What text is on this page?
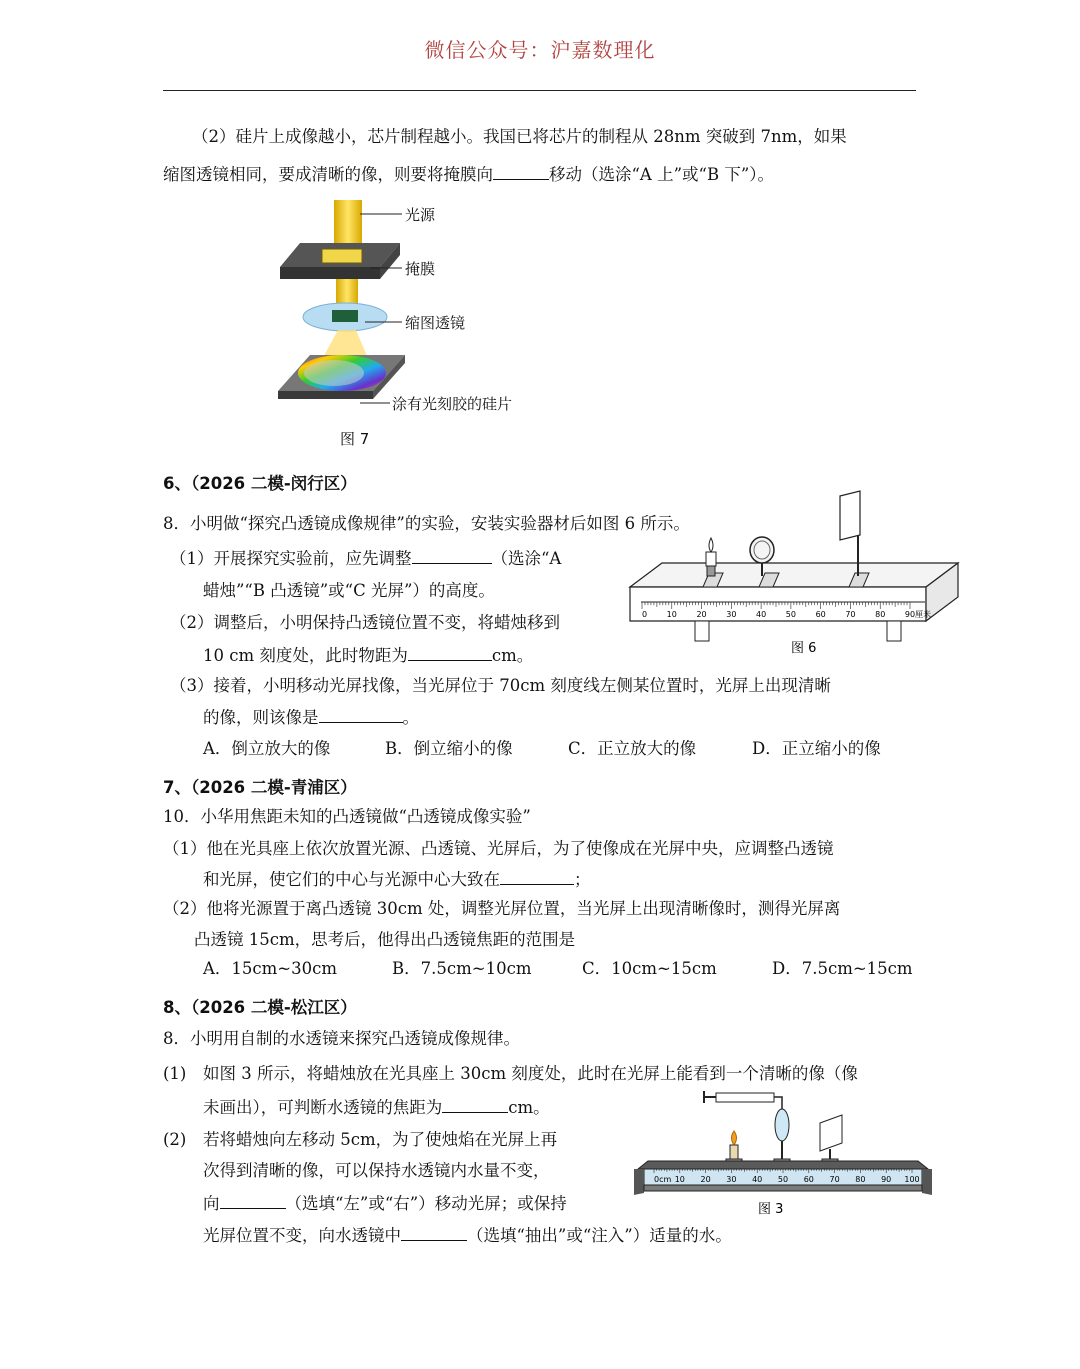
微信公众号：沪嘉数理化
（2）硅片上成像越小，芯片制程越小。我国已将芯片的制程从 28nm 突破到 7nm，如果
缩图透镜相同，要成清晰的像，则要将掩膜向	移动（选涂“A 上”或“B 下”）。
光源
掩膜
缩图透镜
涂有光刻胶的硅片
图 7
6、（2026 二模-闵行区）
8．小明做“探究凸透镜成像规律”的实验，安装实验器材后如图 6 所示。
（1）开展探究实验前，应先调整	（选涂“A
蜡烛”“B 凸透镜”或“C 光屏”）的高度。
（2）调整后，小明保持凸透镜位置不变，将蜡烛移到
10 cm 刻度处，此时物距为	cm。
0 10 20 30 40 50 60 70 80 90 厘米
图 6
（3）接着，小明移动光屏找像，当光屏位于 70cm 刻度线左侧某位置时，光屏上出现清晰
的像，则该像是	。
A．倒立放大的像	B．倒立缩小的像	C．正立放大的像	D．正立缩小的像
7、（2026 二模-青浦区）
10．小华用焦距未知的凸透镜做“凸透镜成像实验”
（1）他在光具座上依次放置光源、凸透镜、光屏后，为了使像成在光屏中央，应调整凸透镜
和光屏，使它们的中心与光源中心大致在	；
（2）他将光源置于离凸透镜 30cm 处，调整光屏位置，当光屏上出现清晰像时，测得光屏离
凸透镜 15cm，思考后，他得出凸透镜焦距的范围是
A．15cm~30cm	B．7.5cm~10cm	C．10cm~15cm	D．7.5cm~15cm
8、（2026 二模-松江区）
8．小明用自制的水透镜来探究凸透镜成像规律。
(1) 如图 3 所示，将蜡烛放在光具座上 30cm 刻度处，此时在光屏上能看到一个清晰的像（像
未画出），可判断水透镜的焦距为	cm。
(2) 若将蜡烛向左移动 5cm，为了使烛焰在光屏上再
次得到清晰的像，可以保持水透镜内水量不变，
向	（选填“左”或“右”）移动光屏；或保持
光屏位置不变，向水透镜中	（选填“抽出”或“注入”）适量的水。
0cm 10 20 30 40 50 60 70 80 90 100
图 3
